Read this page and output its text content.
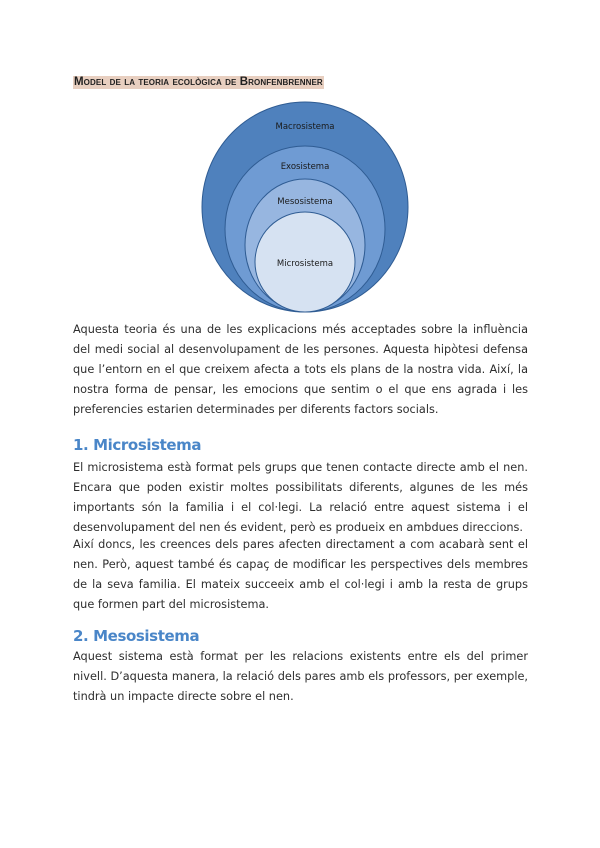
Model de la teoria ecològica de Bronfenbrenner
Macrosistema
Exosistema
Mesosistema
Microsistema

Aquesta teoria és una de les explicacions més acceptades sobre la influència del medi social al desenvolupament de les persones. Aquesta hipòtesi defensa que l’entorn en el que creixem afecta a tots els plans de la nostra vida. Així, la nostra forma de pensar, les emocions que sentim o el que ens agrada i les preferencies estarien determinades per diferents factors socials.

1. Microsistema

El microsistema està format pels grups que tenen contacte directe amb el nen. Encara que poden existir moltes possibilitats diferents, algunes de les més importants són la familia i el col·legi. La relació entre aquest sistema i el desenvolupament del nen és evident, però es produeix en ambdues direccions.

Així doncs, les creences dels pares afecten directament a com acabarà sent el nen. Però, aquest també és capaç de modificar les perspectives dels membres de la seva familia. El mateix succeeix amb el col·legi i amb la resta de grups que formen part del microsistema.

2. Mesosistema

Aquest sistema està format per les relacions existents entre els del primer nivell. D’aquesta manera, la relació dels pares amb els professors, per exemple, tindrà un impacte directe sobre el nen.
